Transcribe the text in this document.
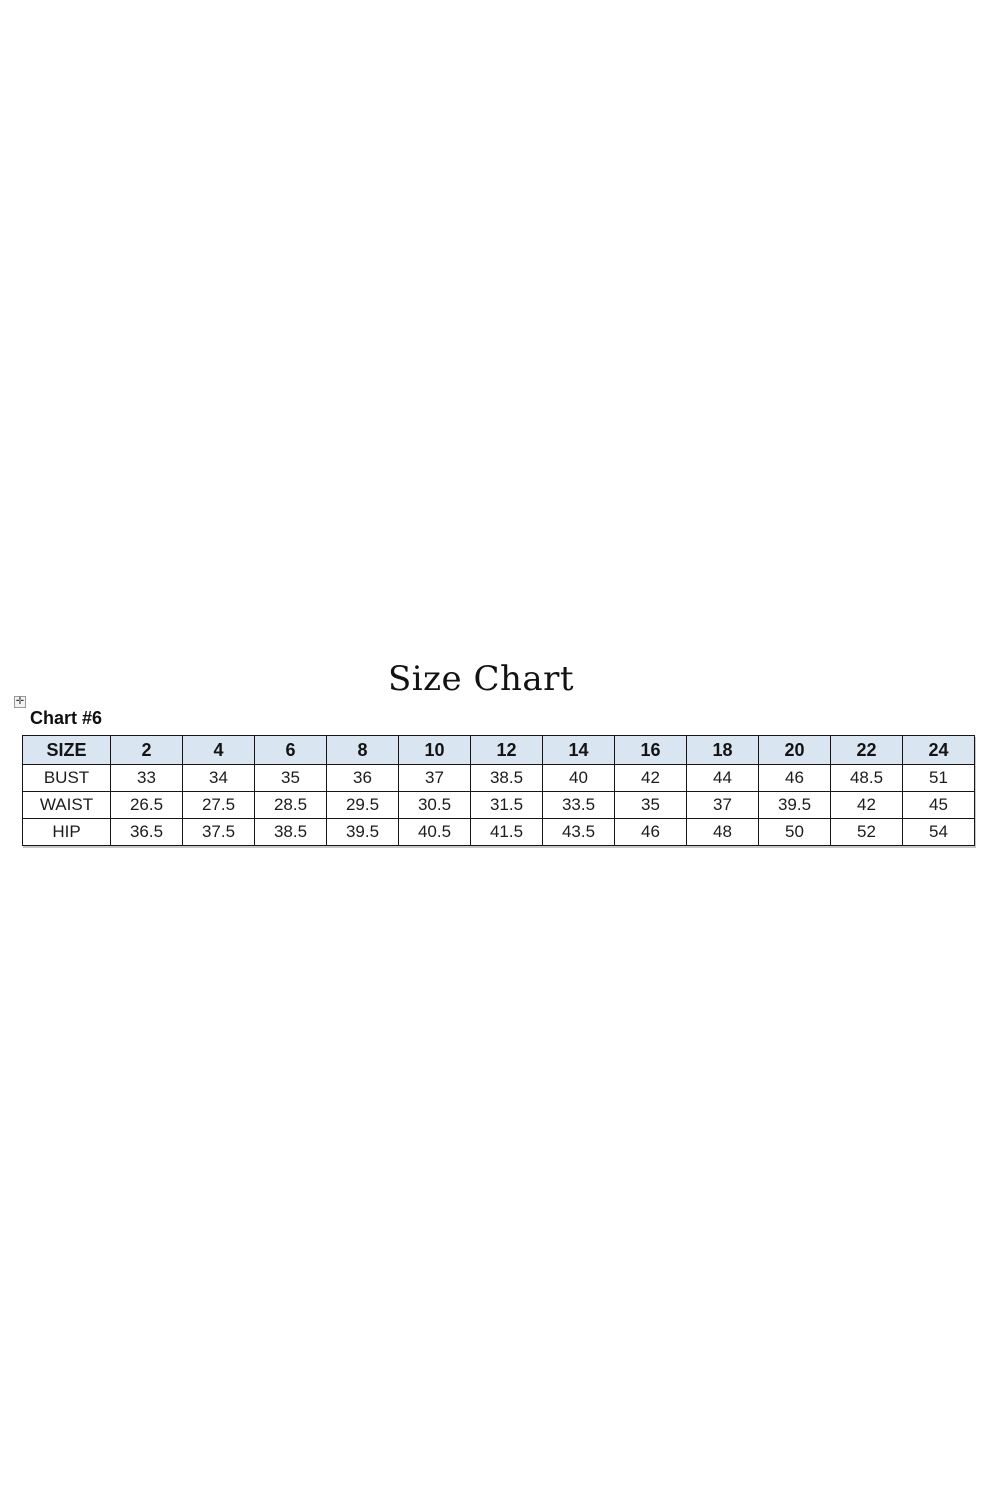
Size Chart
✛
Chart #6
SIZE	2	4	6	8	10	12	14	16	18	20	22	24
BUST	33	34	35	36	37	38.5	40	42	44	46	48.5	51
WAIST	26.5	27.5	28.5	29.5	30.5	31.5	33.5	35	37	39.5	42	45
HIP	36.5	37.5	38.5	39.5	40.5	41.5	43.5	46	48	50	52	54
